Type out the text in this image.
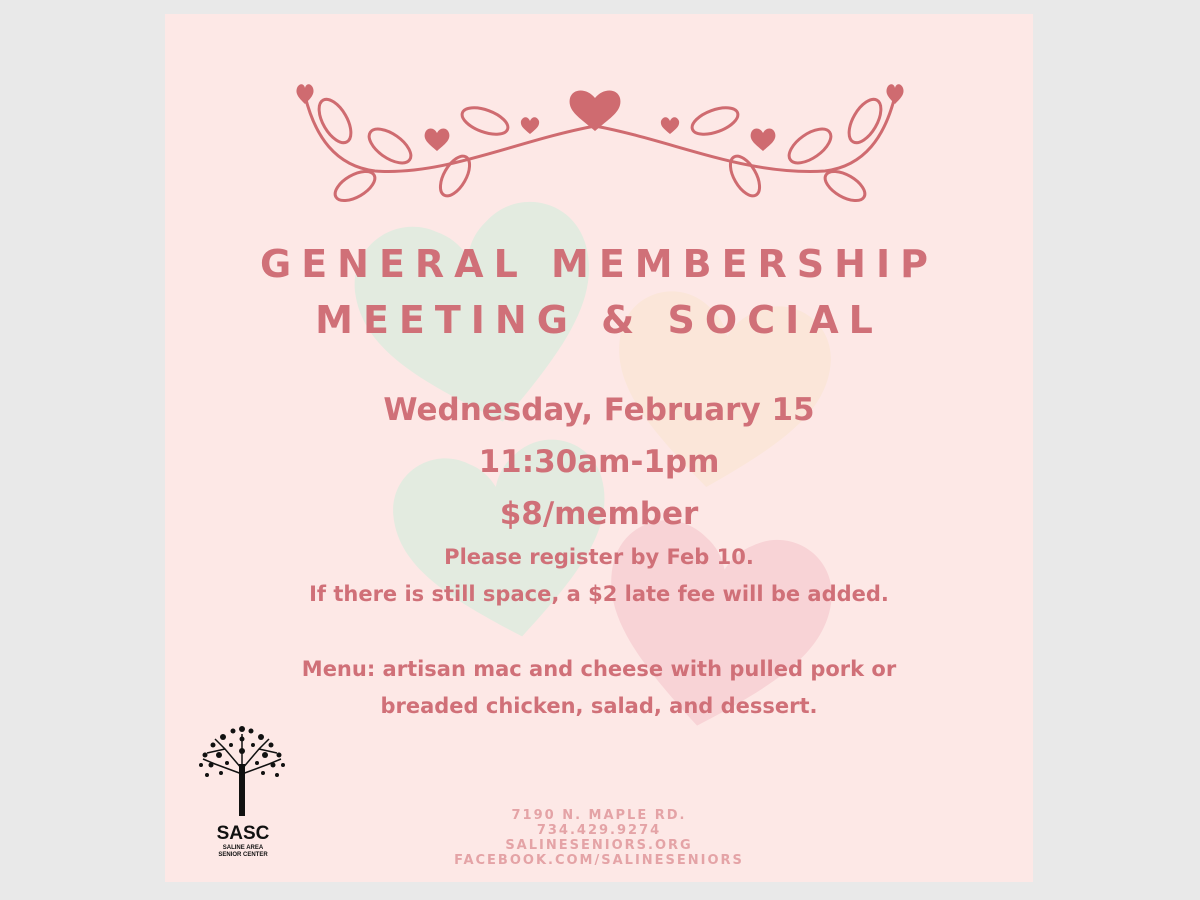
GENERAL MEMBERSHIP
MEETING & SOCIAL
Wednesday, February 15
11:30am-1pm
$8/member
Please register by Feb 10.
If there is still space, a $2 late fee will be added.
Menu: artisan mac and cheese with pulled pork or
breaded chicken, salad, and dessert.
7190 N. MAPLE RD.
734.429.9274
SALINESENIORS.ORG
FACEBOOK.COM/SALINESENIORS
SASC
SALINE AREA
SENIOR CENTER
